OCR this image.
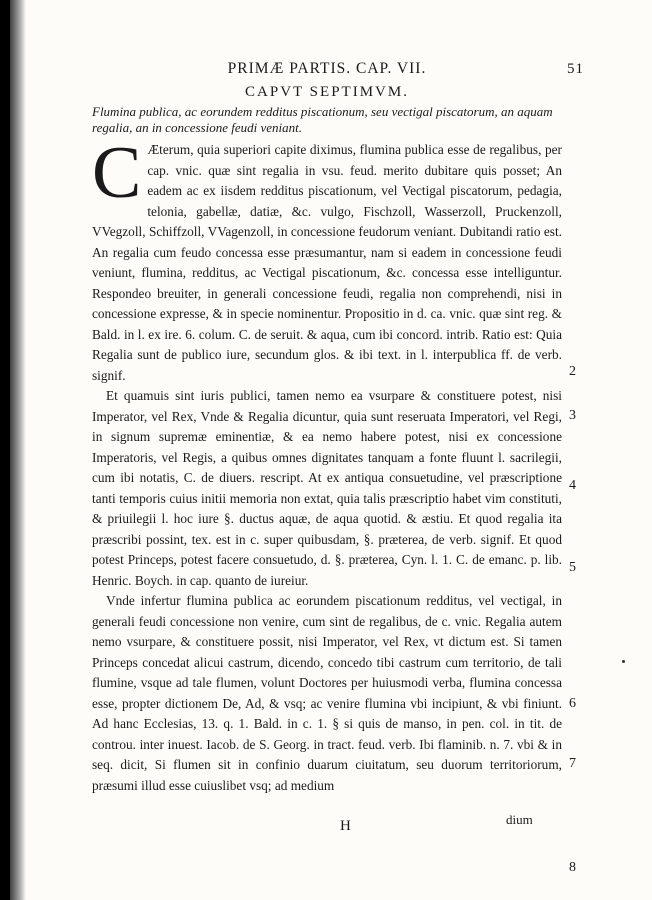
PRIMÆ PARTIS. CAP. VII.	51
CAPVT SEPTIMVM.
Flumina publica, ac eorundem redditus piscationum, seu vectigal piscatorum, an aquam regalia, an in concessione feudi veniant.
C Æterum, quia superiori capite diximus, flumina publica esse de regalibus, per cap. vnic. quæ sint regalia in vsu. feud. merito dubitare quis posset; An eadem ac ex iisdem redditus piscationum, vel Vectigal piscatorum, pedagia, telonia, gabellæ, datiæ, &c. vulgo, Fischzoll, Wasserzoll, Pruckenzoll, VVegzoll, Schiffzoll, VVagenzoll, in concessione feudorum veniant. Dubitandi ratio est. An regalia cum feudo concessa esse præsumantur, nam si eadem in concessione feudi veniunt, flumina, redditus, ac Vectigal piscationum, &c. concessa esse intelliguntur. Respondeo breuiter, in generali concessione feudi, regalia non comprehendi, nisi in concessione expresse, & in specie nominentur. Propositio in d. ca. vnic. quæ sint reg. & Bald. in l. ex ire. 6. colum. C. de seruit. & aqua, cum ibi concord. intrib. Ratio est: Quia Regalia sunt de publico iure, secundum glos. & ibi text. in l. interpublica ff. de verb. signif.

Et quamuis sint iuris publici, tamen nemo ea vsurpare & constituere potest, nisi Imperator, vel Rex, Vnde & Regalia dicuntur, quia sunt reseruata Imperatori, vel Regi, in signum supremæ eminentiæ, & ea nemo habere potest, nisi ex concessione Imperatoris, vel Regis, a quibus omnes dignitates tanquam a fonte fluunt l. sacrilegii, cum ibi notatis, C. de diuers. rescript. At ex antiqua consuetudine, vel præscriptione tanti temporis cuius initii memoria non extat, quia talis præscriptio habet vim constituti, & priuilegii l. hoc iure §. ductus aquæ, de aqua quotid. & æstiu. Et quod regalia ita præscribi possint, tex. est in c. super quibusdam, §. præterea, de verb. signif. Et quod potest Princeps, potest facere consuetudo, d. §. præterea, Cyn. l. 1. C. de emanc. p. lib. Henric. Boych. in cap. quanto de iureiur.

Vnde infertur flumina publica ac eorundem piscationum redditus, vel vectigal, in generali feudi concessione non venire, cum sint de regalibus, de c. vnic. Regalia autem nemo vsurpare, & constituere possit, nisi Imperator, vel Rex, vt dictum est. Si tamen Princeps concedat alicui castrum, dicendo, concedo tibi castrum cum territorio, de tali flumine, vsque ad tale flumen, volunt Doctores per huiusmodi verba, flumina concessa esse, propter dictionem De, Ad, & vsq; ac venire flumina vbi incipiunt, & vbi finiunt. Ad hanc Ecclesias, 13. q. 1. Bald. in c. 1. § si quis de manso, in pen. col. in tit. de controu. inter inuest. Iacob. de S. Georg. in tract. feud. verb. Ibi flaminib. n. 7. vbi & in seq. dicit, Si flumen sit in confinio duarum ciuitatum, seu duorum territoriorum, præsumi illud esse cuiuslibet vsq; ad medium

2
3
4
5
6
7
8
H	dium
